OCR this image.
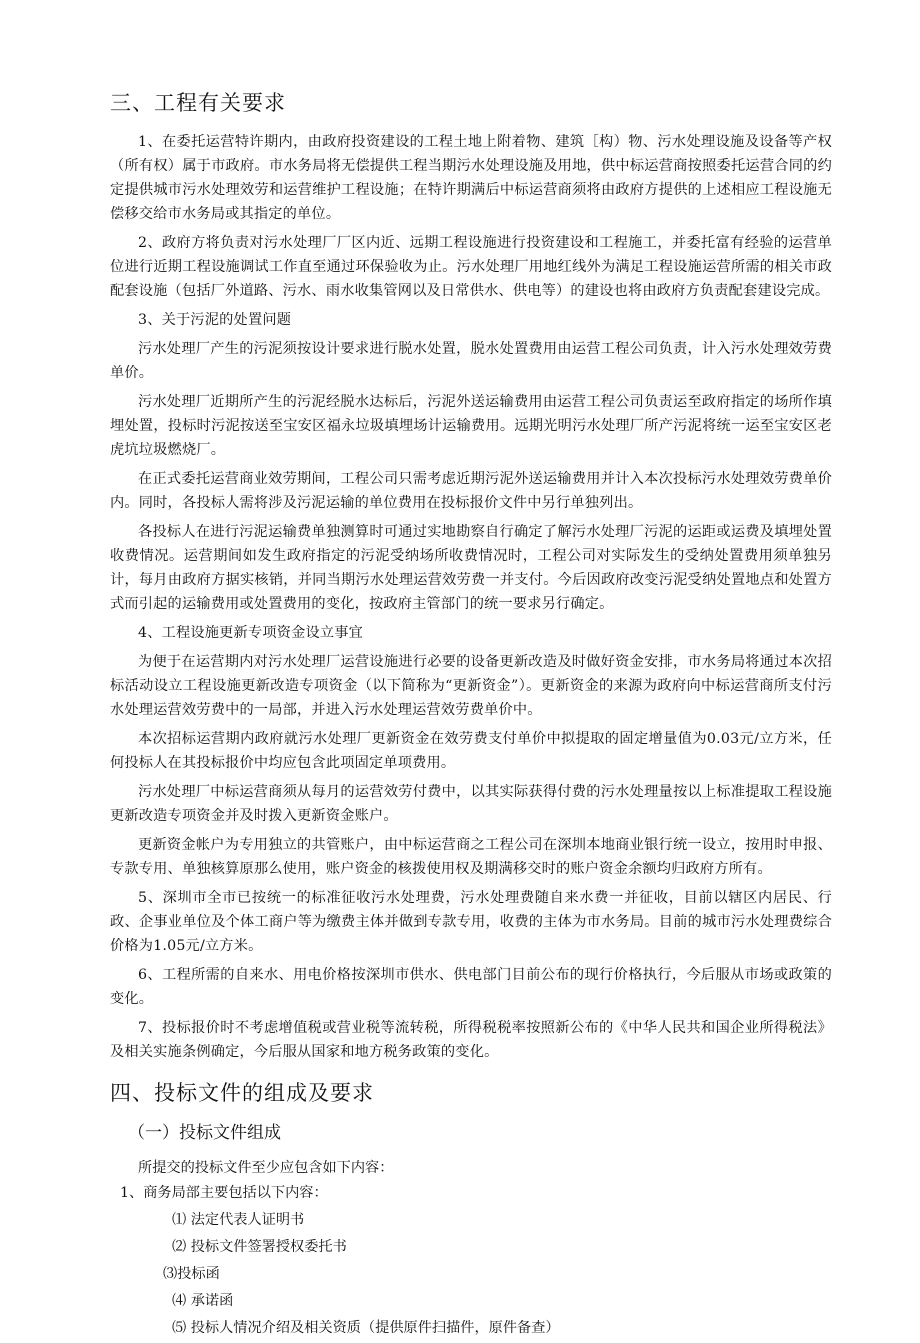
三、工程有关要求

1、在委托运营特许期内，由政府投资建设的工程土地上附着物、建筑［构）物、污水处理设施及设备等产权（所有权）属于市政府。市水务局将无偿提供工程当期污水处理设施及用地，供中标运营商按照委托运营合同的约定提供城市污水处理效劳和运营维护工程设施；在特许期满后中标运营商须将由政府方提供的上述相应工程设施无偿移交给市水务局或其指定的单位。

2、政府方将负责对污水处理厂厂区内近、远期工程设施进行投资建设和工程施工，并委托富有经验的运营单位进行近期工程设施调试工作直至通过环保验收为止。污水处理厂用地红线外为满足工程设施运营所需的相关市政配套设施（包括厂外道路、污水、雨水收集管网以及日常供水、供电等）的建设也将由政府方负责配套建设完成。

3、关于污泥的处置问题

污水处理厂产生的污泥须按设计要求进行脱水处置，脱水处置费用由运营工程公司负责，计入污水处理效劳费单价。

污水处理厂近期所产生的污泥经脱水达标后，污泥外送运输费用由运营工程公司负责运至政府指定的场所作填埋处置，投标时污泥按送至宝安区福永垃圾填埋场计运输费用。远期光明污水处理厂所产污泥将统一运至宝安区老虎坑垃圾燃烧厂。

在正式委托运营商业效劳期间，工程公司只需考虑近期污泥外送运输费用并计入本次投标污水处理效劳费单价内。同时，各投标人需将涉及污泥运输的单位费用在投标报价文件中另行单独列出。

各投标人在进行污泥运输费单独测算时可通过实地勘察自行确定了解污水处理厂污泥的运距或运费及填埋处置收费情况。运营期间如发生政府指定的污泥受纳场所收费情况时，工程公司对实际发生的受纳处置费用须单独另计，每月由政府方据实核销，并同当期污水处理运营效劳费一并支付。今后因政府改变污泥受纳处置地点和处置方式而引起的运输费用或处置费用的变化，按政府主管部门的统一要求另行确定。

4、工程设施更新专项资金设立事宜

为便于在运营期内对污水处理厂运营设施进行必要的设备更新改造及时做好资金安排，市水务局将通过本次招标活动设立工程设施更新改造专项资金（以下简称为“更新资金”）。更新资金的来源为政府向中标运营商所支付污水处理运营效劳费中的一局部，并进入污水处理运营效劳费单价中。

本次招标运营期内政府就污水处理厂更新资金在效劳费支付单价中拟提取的固定增量值为0.03元/立方米，任何投标人在其投标报价中均应包含此项固定单项费用。

污水处理厂中标运营商须从每月的运营效劳付费中，以其实际获得付费的污水处理量按以上标准提取工程设施更新改造专项资金并及时拨入更新资金账户。

更新资金帐户为专用独立的共管账户，由中标运营商之工程公司在深圳本地商业银行统一设立，按用时申报、专款专用、单独核算原那么使用，账户资金的核拨使用权及期满移交时的账户资金余额均归政府方所有。

5、深圳市全市已按统一的标准征收污水处理费，污水处理费随自来水费一并征收，目前以辖区内居民、行政、企事业单位及个体工商户等为缴费主体并做到专款专用，收费的主体为市水务局。目前的城市污水处理费综合价格为1.05元/立方米。

6、工程所需的自来水、用电价格按深圳市供水、供电部门目前公布的现行价格执行，今后服从市场或政策的变化。

7、投标报价时不考虑增值税或营业税等流转税，所得税税率按照新公布的《中华人民共和国企业所得税法》及相关实施条例确定，今后服从国家和地方税务政策的变化。

四、投标文件的组成及要求
（一）投标文件组成
所提交的投标文件至少应包含如下内容：
1、商务局部主要包括以下内容：
⑴ 法定代表人证明书
⑵ 投标文件签署授权委托书
⑶投标函
⑷ 承诺函
⑸ 投标人情况介绍及相关资质（提供原件扫描件，原件备查）
